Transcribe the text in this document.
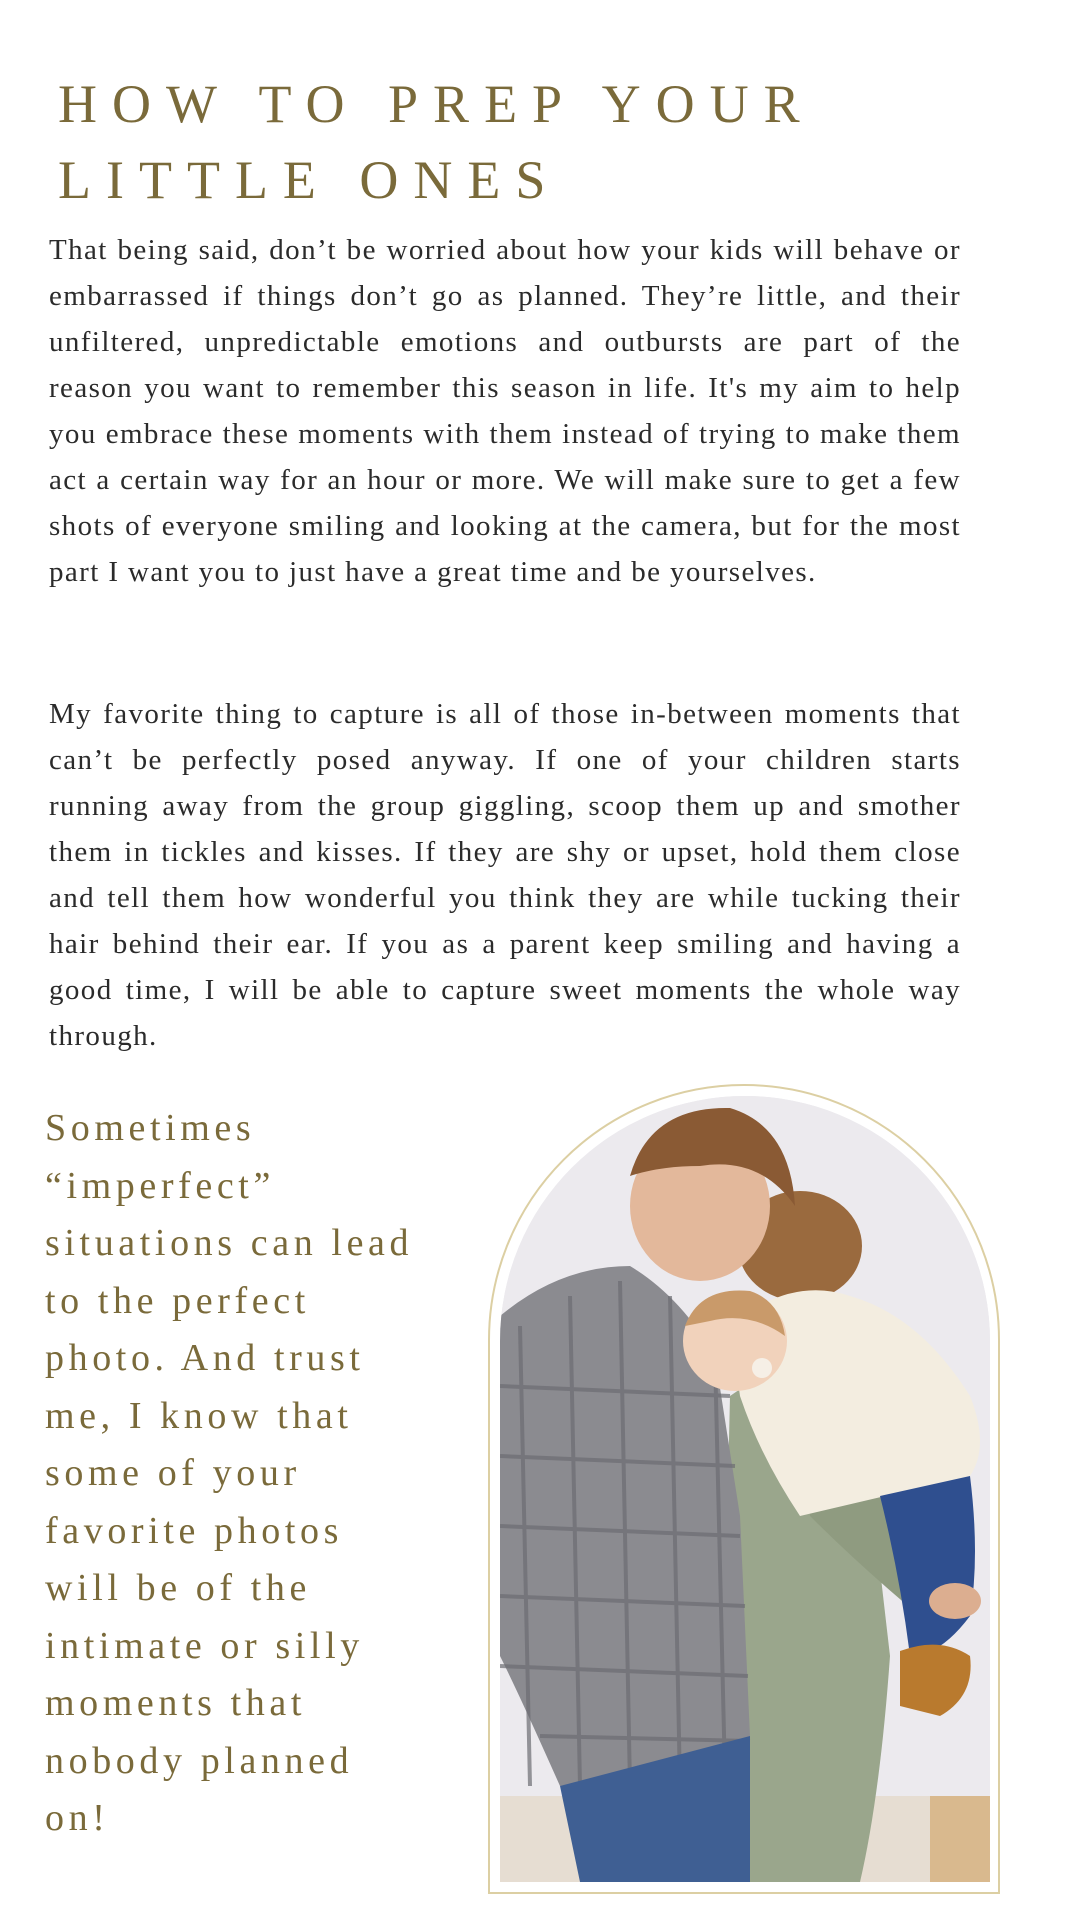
HOW TO PREP YOUR
LITTLE ONES

That being said, don’t be worried about how your kids will behave or embarrassed if things don’t go as planned. They’re little, and their unfiltered, unpredictable emotions and outbursts are part of the reason you want to remember this season in life. It's my aim to help you embrace these moments with them instead of trying to make them act a certain way for an hour or more. We will make sure to get a few shots of everyone smiling and looking at the camera, but for the most part I want you to just have a great time and be yourselves.

My favorite thing to capture is all of those in-between moments that can’t be perfectly posed anyway. If one of your children starts running away from the group giggling, scoop them up and smother them in tickles and kisses. If they are shy or upset, hold them close and tell them how wonderful you think they are while tucking their hair behind their ear. If you as a parent keep smiling and having a good time, I will be able to capture sweet moments the whole way through.

Sometimes “imperfect” situations can lead to the perfect photo. And trust me, I know that some of your favorite photos will be of the intimate or silly moments that nobody planned on!
